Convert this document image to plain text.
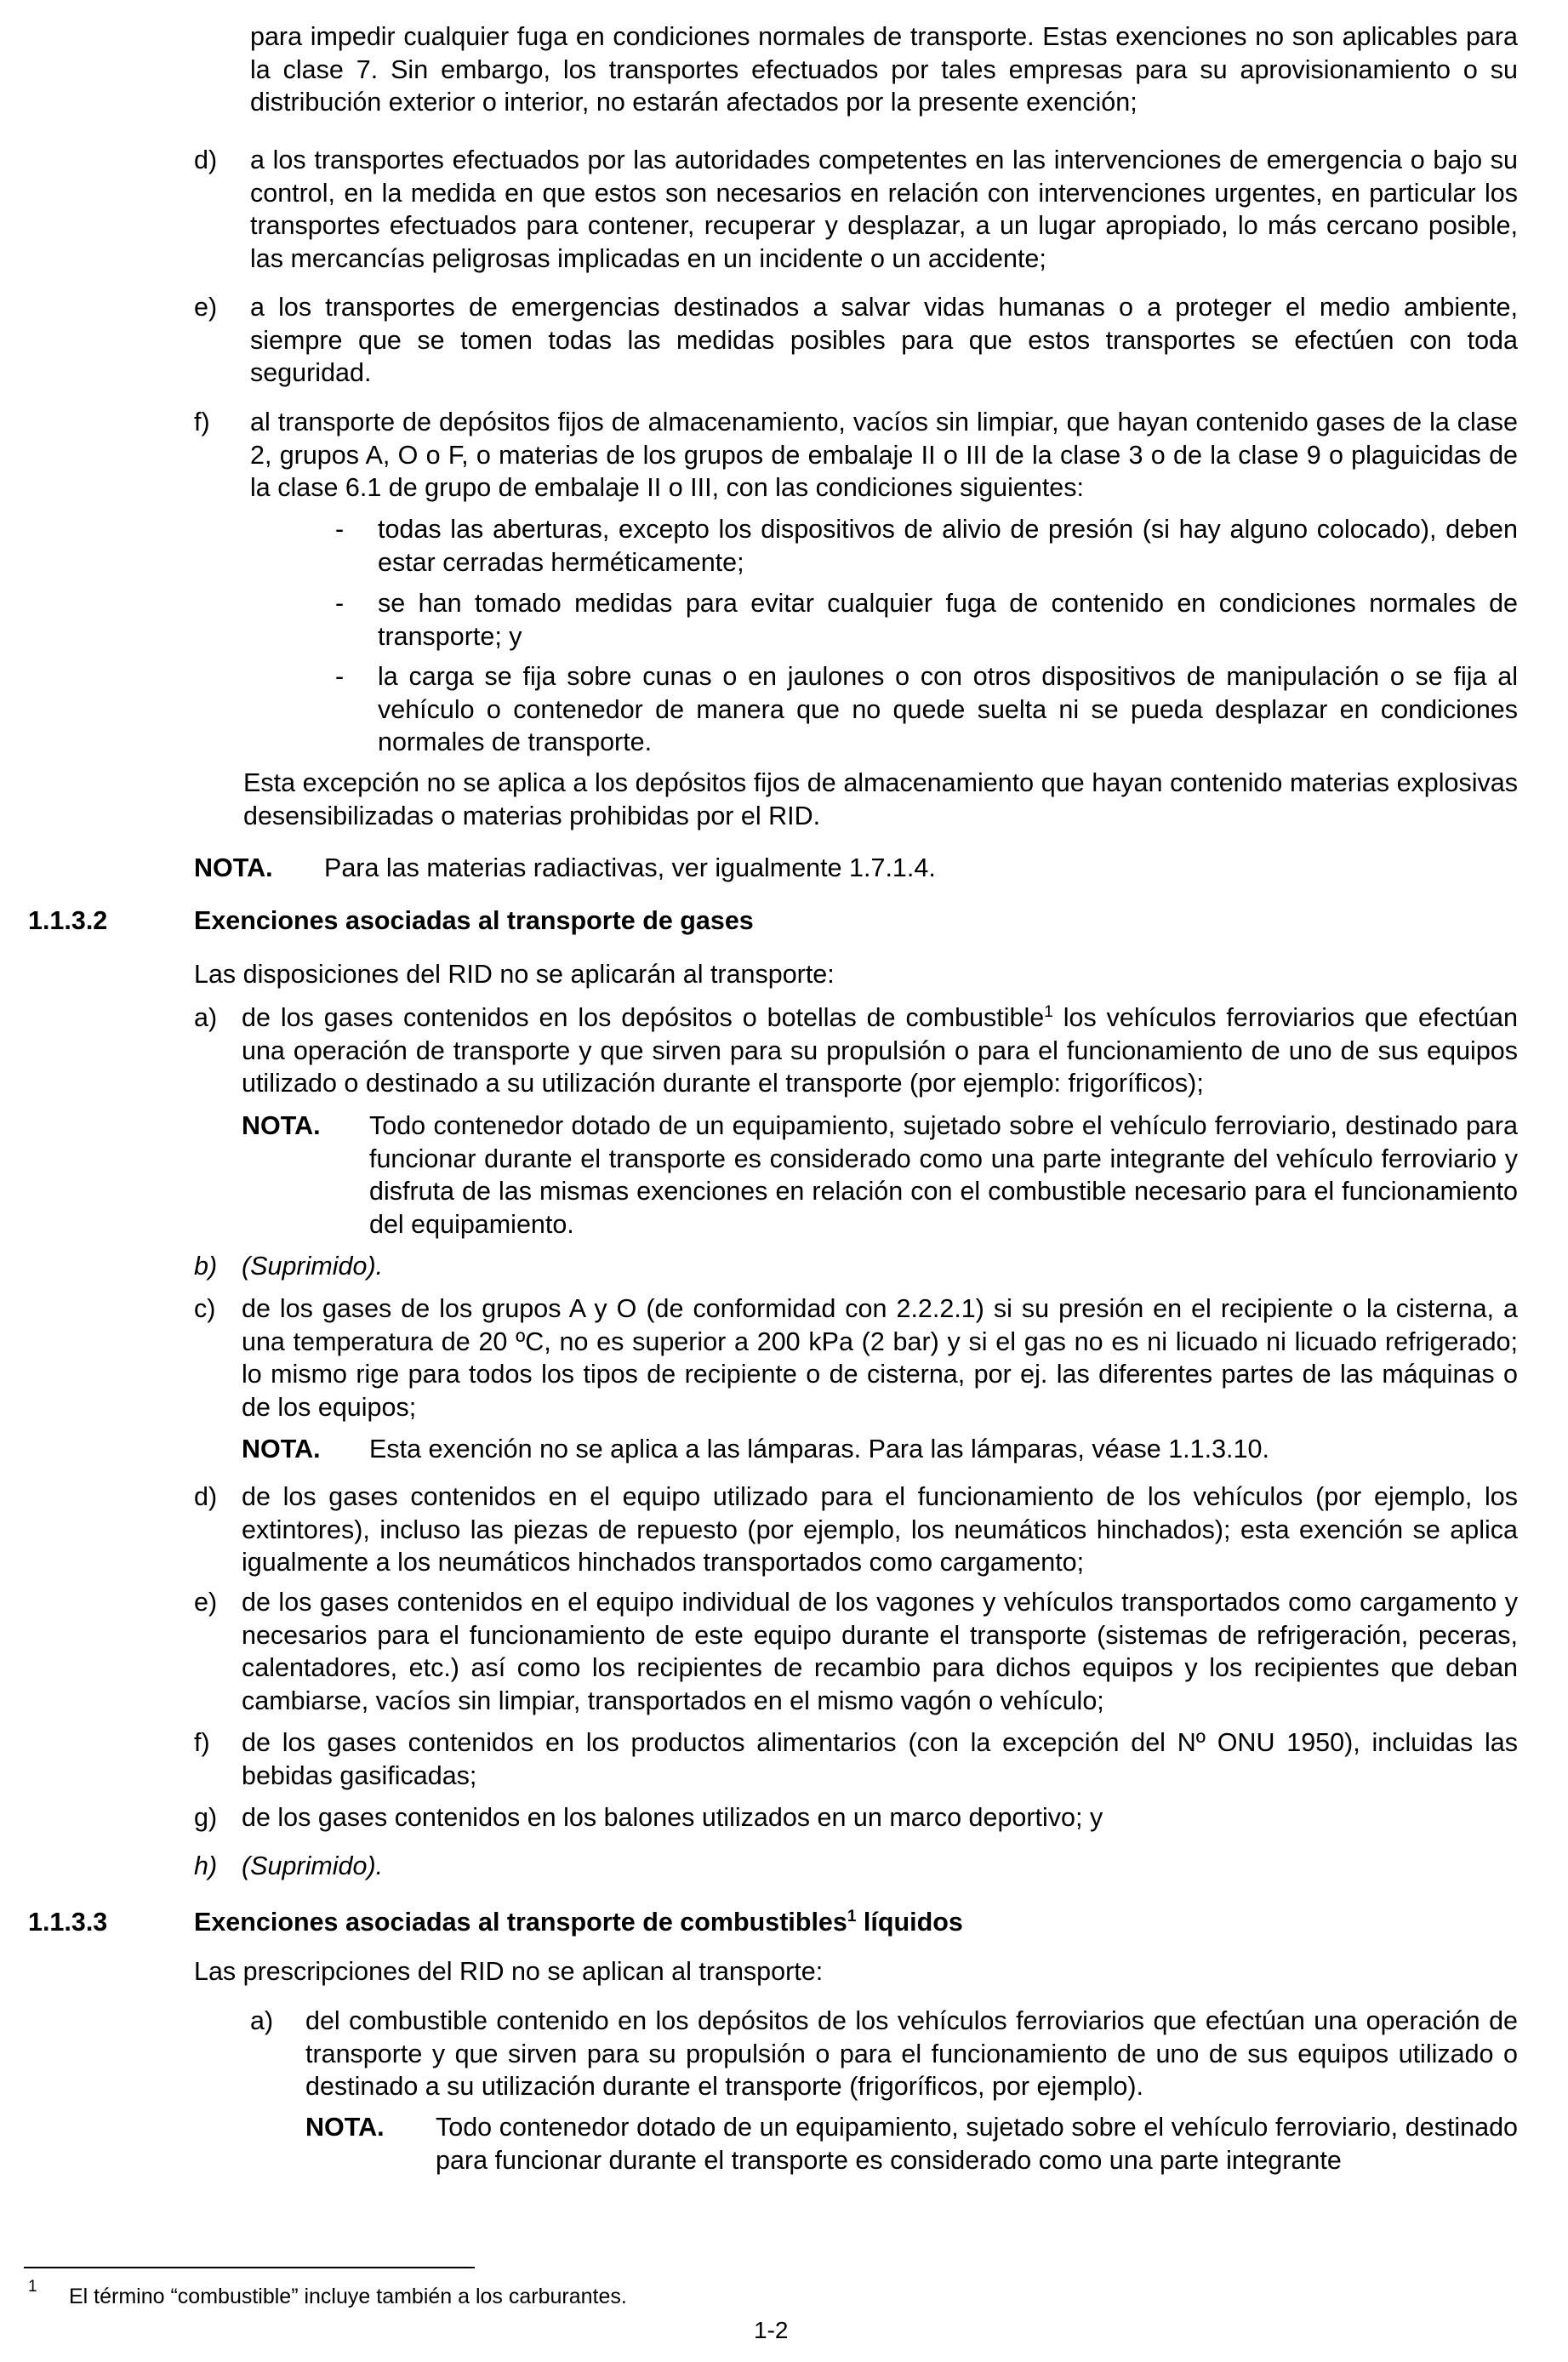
para impedir cualquier fuga en condiciones normales de transporte. Estas exenciones no son aplicables para la clase 7. Sin embargo, los transportes efectuados por tales empresas para su aprovisionamiento o su distribución exterior o interior, no estarán afectados por la presente exención;

d) a los transportes efectuados por las autoridades competentes en las intervenciones de emergencia o bajo su control, en la medida en que estos son necesarios en relación con intervenciones urgentes, en particular los transportes efectuados para contener, recuperar y desplazar, a un lugar apropiado, lo más cercano posible, las mercancías peligrosas implicadas en un incidente o un accidente;

e) a los transportes de emergencias destinados a salvar vidas humanas o a proteger el medio ambiente, siempre que se tomen todas las medidas posibles para que estos transportes se efectúen con toda seguridad.

f) al transporte de depósitos fijos de almacenamiento, vacíos sin limpiar, que hayan contenido gases de la clase 2, grupos A, O o F, o materias de los grupos de embalaje II o III de la clase 3 o de la clase 9 o plaguicidas de la clase 6.1 de grupo de embalaje II o III, con las condiciones siguientes:

- todas las aberturas, excepto los dispositivos de alivio de presión (si hay alguno colocado), deben estar cerradas herméticamente;

- se han tomado medidas para evitar cualquier fuga de contenido en condiciones normales de transporte; y

- la carga se fija sobre cunas o en jaulones o con otros dispositivos de manipulación o se fija al vehículo o contenedor de manera que no quede suelta ni se pueda desplazar en condiciones normales de transporte.

Esta excepción no se aplica a los depósitos fijos de almacenamiento que hayan contenido materias explosivas desensibilizadas o materias prohibidas por el RID.

NOTA. Para las materias radiactivas, ver igualmente 1.7.1.4.
1.1.3.2	Exenciones asociadas al transporte de gases

Las disposiciones del RID no se aplicarán al transporte:

a) de los gases contenidos en los depósitos o botellas de combustible$^1$ los vehículos ferroviarios que efectúan una operación de transporte y que sirven para su propulsión o para el funcionamiento de uno de sus equipos utilizado o destinado a su utilización durante el transporte (por ejemplo: frigoríficos);

NOTA. Todo contenedor dotado de un equipamiento, sujetado sobre el vehículo ferroviario, destinado para funcionar durante el transporte es considerado como una parte integrante del vehículo ferroviario y disfruta de las mismas exenciones en relación con el combustible necesario para el funcionamiento del equipamiento.

b) (Suprimido).
c) de los gases de los grupos A y O (de conformidad con 2.2.2.1) si su presión en el recipiente o la cisterna, a una temperatura de 20 ºC, no es superior a 200 kPa (2 bar) y si el gas no es ni licuado ni licuado refrigerado; lo mismo rige para todos los tipos de recipiente o de cisterna, por ej. las diferentes partes de las máquinas o de los equipos;

NOTA. Esta exención no se aplica a las lámparas. Para las lámparas, véase 1.1.3.10.
d) de los gases contenidos en el equipo utilizado para el funcionamiento de los vehículos (por ejemplo, los extintores), incluso las piezas de repuesto (por ejemplo, los neumáticos hinchados); esta exención se aplica igualmente a los neumáticos hinchados transportados como cargamento;

e) de los gases contenidos en el equipo individual de los vagones y vehículos transportados como cargamento y necesarios para el funcionamiento de este equipo durante el transporte (sistemas de refrigeración, peceras, calentadores, etc.) así como los recipientes de recambio para dichos equipos y los recipientes que deban cambiarse, vacíos sin limpiar, transportados en el mismo vagón o vehículo;

f) de los gases contenidos en los productos alimentarios (con la excepción del Nº ONU 1950), incluidas las bebidas gasificadas;

g) de los gases contenidos en los balones utilizados en un marco deportivo; y
h) (Suprimido).
1.1.3.3	Exenciones asociadas al transporte de combustibles$^1$ líquidos

Las prescripciones del RID no se aplican al transporte:

a) del combustible contenido en los depósitos de los vehículos ferroviarios que efectúan una operación de transporte y que sirven para su propulsión o para el funcionamiento de uno de sus equipos utilizado o destinado a su utilización durante el transporte (frigoríficos, por ejemplo).

NOTA. Todo contenedor dotado de un equipamiento, sujetado sobre el vehículo ferroviario, destinado para funcionar durante el transporte es considerado como una parte integrante

1 El término “combustible” incluye también a los carburantes.
1-2
